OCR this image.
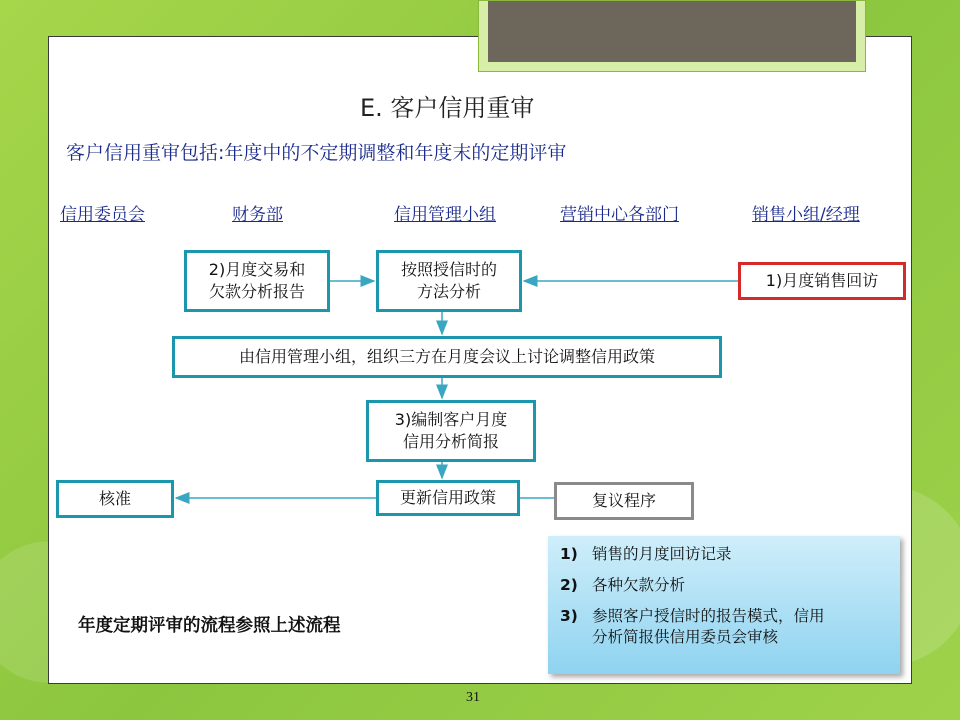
E. 客户信用重审
客户信用重审包括:年度中的不定期调整和年度末的定期评审
信用委员会	财务部	信用管理小组	营销中心各部门	销售小组/经理
2)月度交易和
欠款分析报告
按照授信时的
方法分析
1)月度销售回访
由信用管理小组，组织三方在月度会议上讨论调整信用政策
3)编制客户月度
信用分析简报
核准	更新信用政策	复议程序
1) 销售的月度回访记录
2) 各种欠款分析
3) 参照客户授信时的报告模式，信用
分析简报供信用委员会审核
年度定期评审的流程参照上述流程
31
